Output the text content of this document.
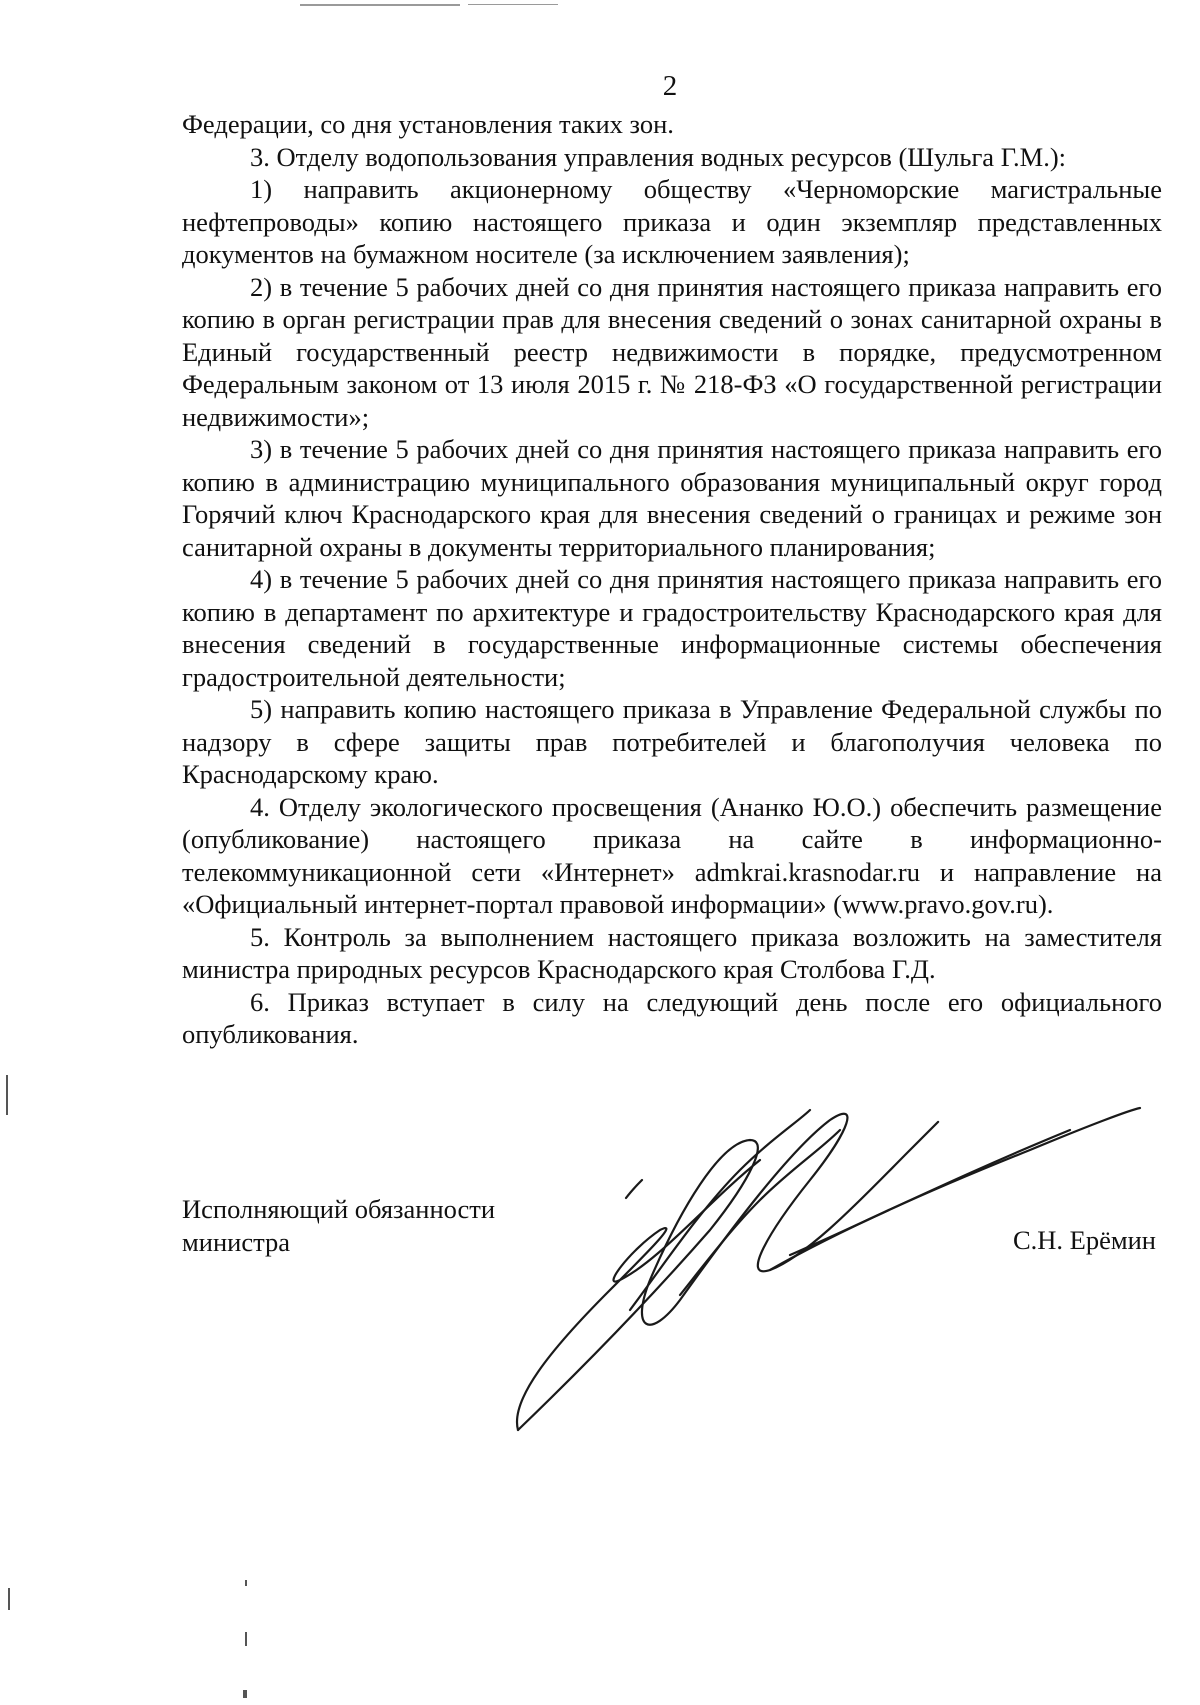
2

Федерации, со дня установления таких зон.

3. Отделу водопользования управления водных ресурсов (Шульга Г.М.):

1) направить акционерному обществу «Черноморские магистральные нефтепроводы» копию настоящего приказа и один экземпляр представленных документов на бумажном носителе (за исключением заявления);

2) в течение 5 рабочих дней со дня принятия настоящего приказа направить его копию в орган регистрации прав для внесения сведений о зонах санитарной охраны в Единый государственный реестр недвижимости в порядке, предусмотренном Федеральным законом от 13 июля 2015 г. № 218-ФЗ «О государственной регистрации недвижимости»;

3) в течение 5 рабочих дней со дня принятия настоящего приказа направить его копию в администрацию муниципального образования муниципальный округ город Горячий ключ Краснодарского края для внесения сведений о границах и режиме зон санитарной охраны в документы территориального планирования;

4) в течение 5 рабочих дней со дня принятия настоящего приказа направить его копию в департамент по архитектуре и градостроительству Краснодарского края для внесения сведений в государственные информационные системы обеспечения градостроительной деятельности;

5) направить копию настоящего приказа в Управление Федеральной службы по надзору в сфере защиты прав потребителей и благополучия человека по Краснодарскому краю.

4. Отделу экологического просвещения (Ананко Ю.О.) обеспечить размещение (опубликование) настоящего приказа на сайте в информационно-телекоммуникационной сети «Интернет» admkrai.krasnodar.ru и направление на «Официальный интернет-портал правовой информации» (www.pravo.gov.ru).

5. Контроль за выполнением настоящего приказа возложить на заместителя министра природных ресурсов Краснодарского края Столбова Г.Д.

6. Приказ вступает в силу на следующий день после его официального опубликования.

Исполняющий обязанности
министра	С.Н. Ерёмин
